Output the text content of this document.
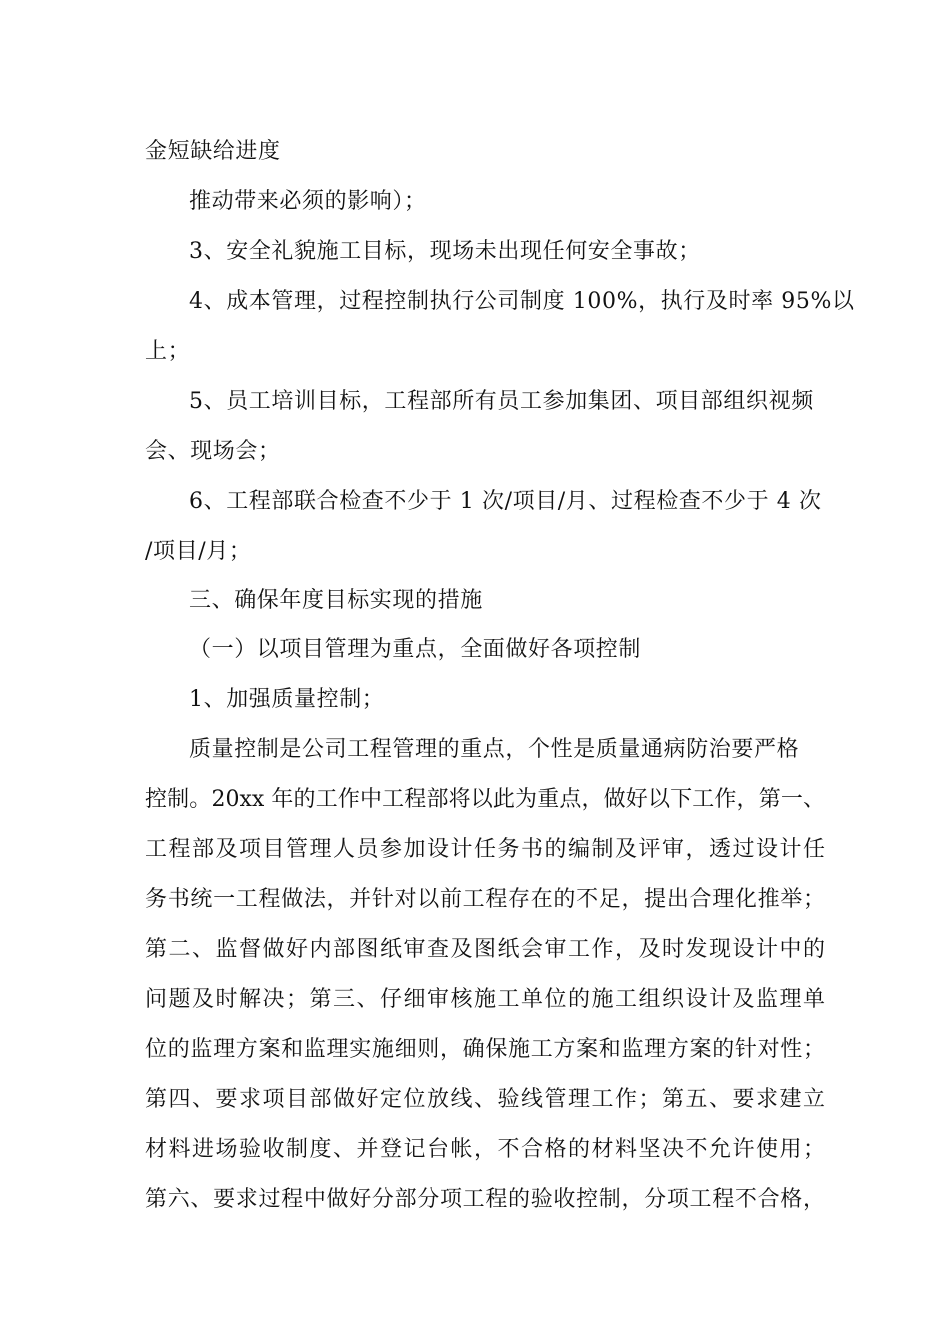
金短缺给进度
推动带来必须的影响）；
3、安全礼貌施工目标，现场未出现任何安全事故；
4、成本管理，过程控制执行公司制度 100%，执行及时率 95%以
上；
5、员工培训目标，工程部所有员工参加集团、项目部组织视频
会、现场会；
6、工程部联合检查不少于 1 次/项目/月、过程检查不少于 4 次
/项目/月；
三、确保年度目标实现的措施
（一）以项目管理为重点，全面做好各项控制
1、加强质量控制；
质量控制是公司工程管理的重点，个性是质量通病防治要严格
控制。20xx 年的工作中工程部将以此为重点，做好以下工作，第一、
工程部及项目管理人员参加设计任务书的编制及评审，透过设计任
务书统一工程做法，并针对以前工程存在的不足，提出合理化推举；
第二、监督做好内部图纸审查及图纸会审工作，及时发现设计中的
问题及时解决；第三、仔细审核施工单位的施工组织设计及监理单
位的监理方案和监理实施细则，确保施工方案和监理方案的针对性；
第四、要求项目部做好定位放线、验线管理工作；第五、要求建立
材料进场验收制度、并登记台帐，不合格的材料坚决不允许使用；
第六、要求过程中做好分部分项工程的验收控制，分项工程不合格，
